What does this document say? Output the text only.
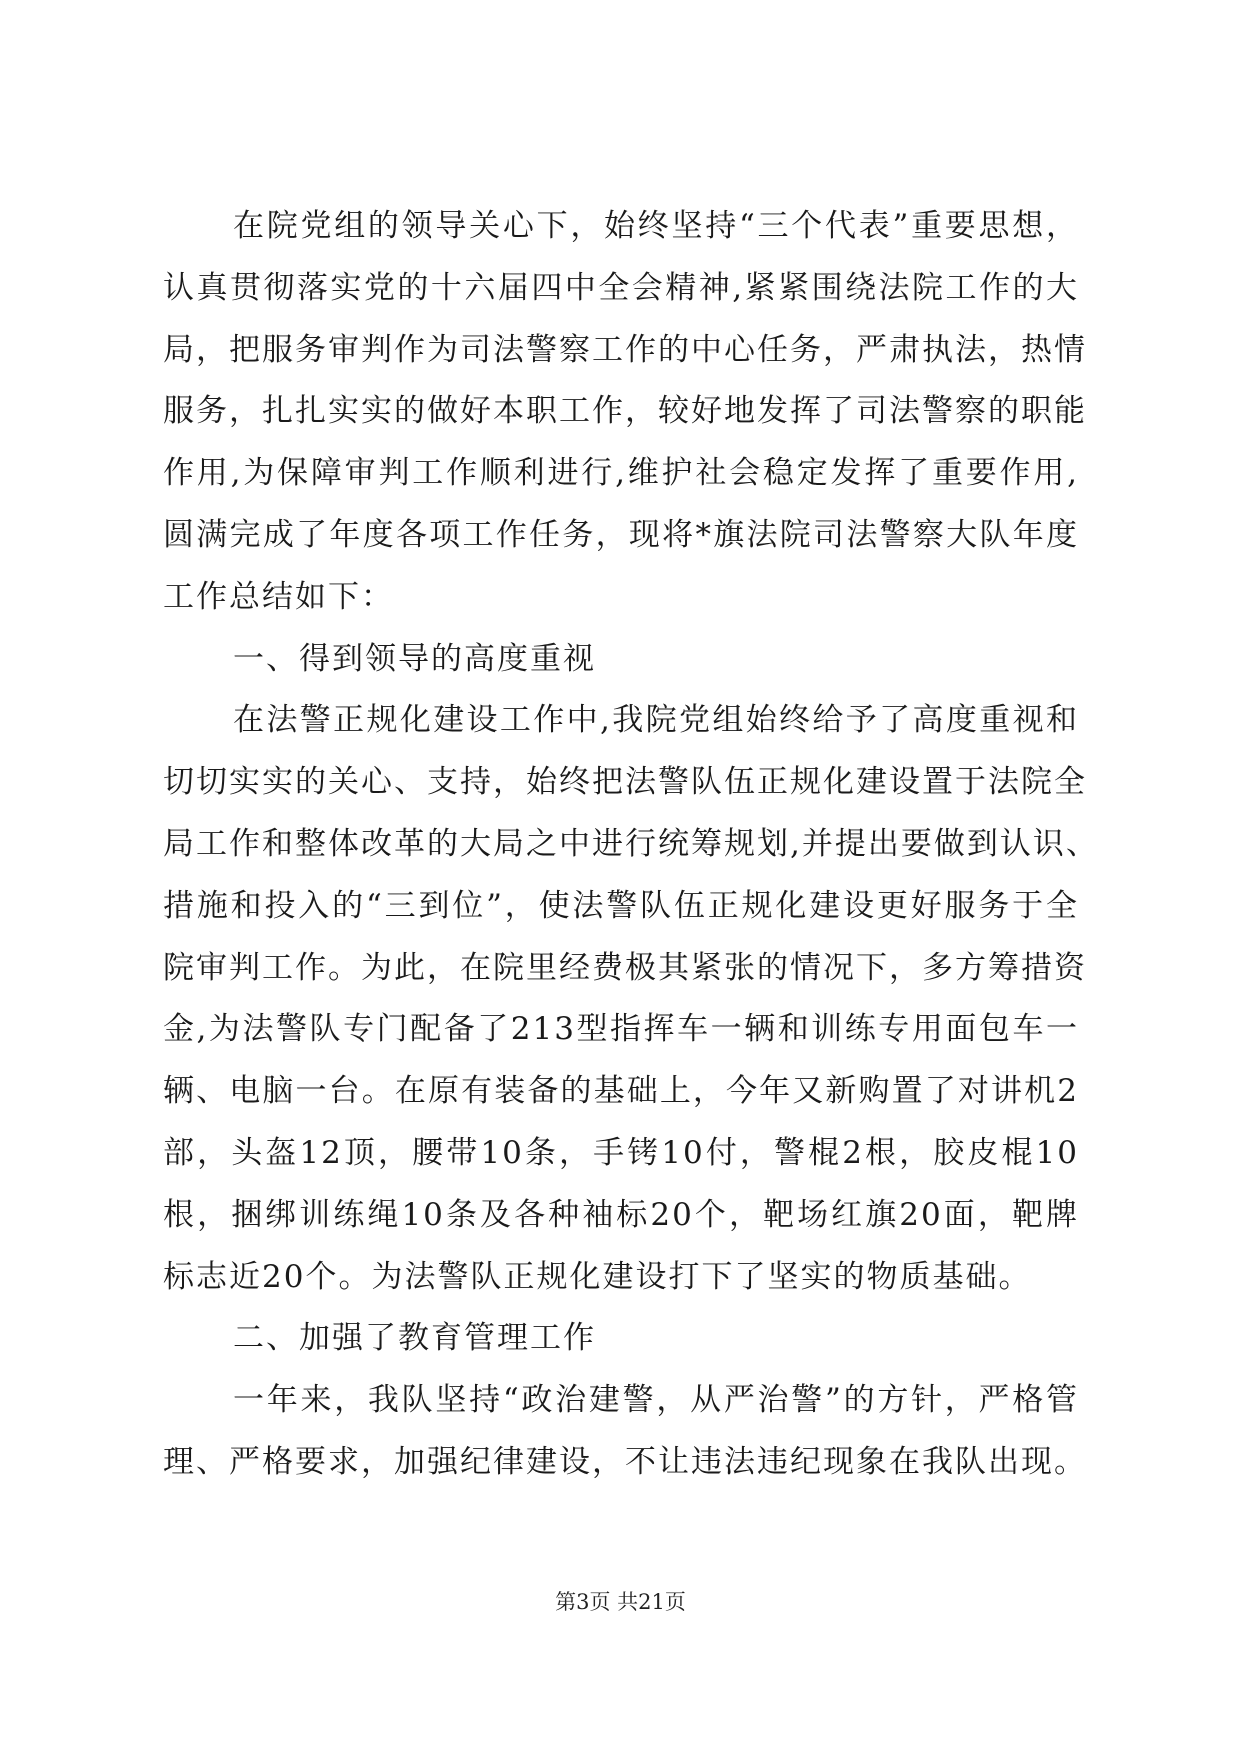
在院党组的领导关心下，始终坚持“三个代表”重要思想，
认真贯彻落实党的十六届四中全会精神,紧紧围绕法院工作的大
局，把服务审判作为司法警察工作的中心任务，严肃执法，热情
服务，扎扎实实的做好本职工作，较好地发挥了司法警察的职能
作用,为保障审判工作顺利进行,维护社会稳定发挥了重要作用,
圆满完成了年度各项工作任务，现将*旗法院司法警察大队年度
工作总结如下：
一、得到领导的高度重视
在法警正规化建设工作中,我院党组始终给予了高度重视和
切切实实的关心、支持，始终把法警队伍正规化建设置于法院全
局工作和整体改革的大局之中进行统筹规划,并提出要做到认识、
措施和投入的“三到位”，使法警队伍正规化建设更好服务于全
院审判工作。为此，在院里经费极其紧张的情况下，多方筹措资
金,为法警队专门配备了213型指挥车一辆和训练专用面包车一
辆、电脑一台。在原有装备的基础上，今年又新购置了对讲机2
部，头盔12顶，腰带10条，手铐10付，警棍2根，胶皮棍10
根，捆绑训练绳10条及各种袖标20个，靶场红旗20面，靶牌
标志近20个。为法警队正规化建设打下了坚实的物质基础。
二、加强了教育管理工作
一年来，我队坚持“政治建警，从严治警”的方针，严格管
理、严格要求，加强纪律建设，不让违法违纪现象在我队出现。
第3页 共21页
